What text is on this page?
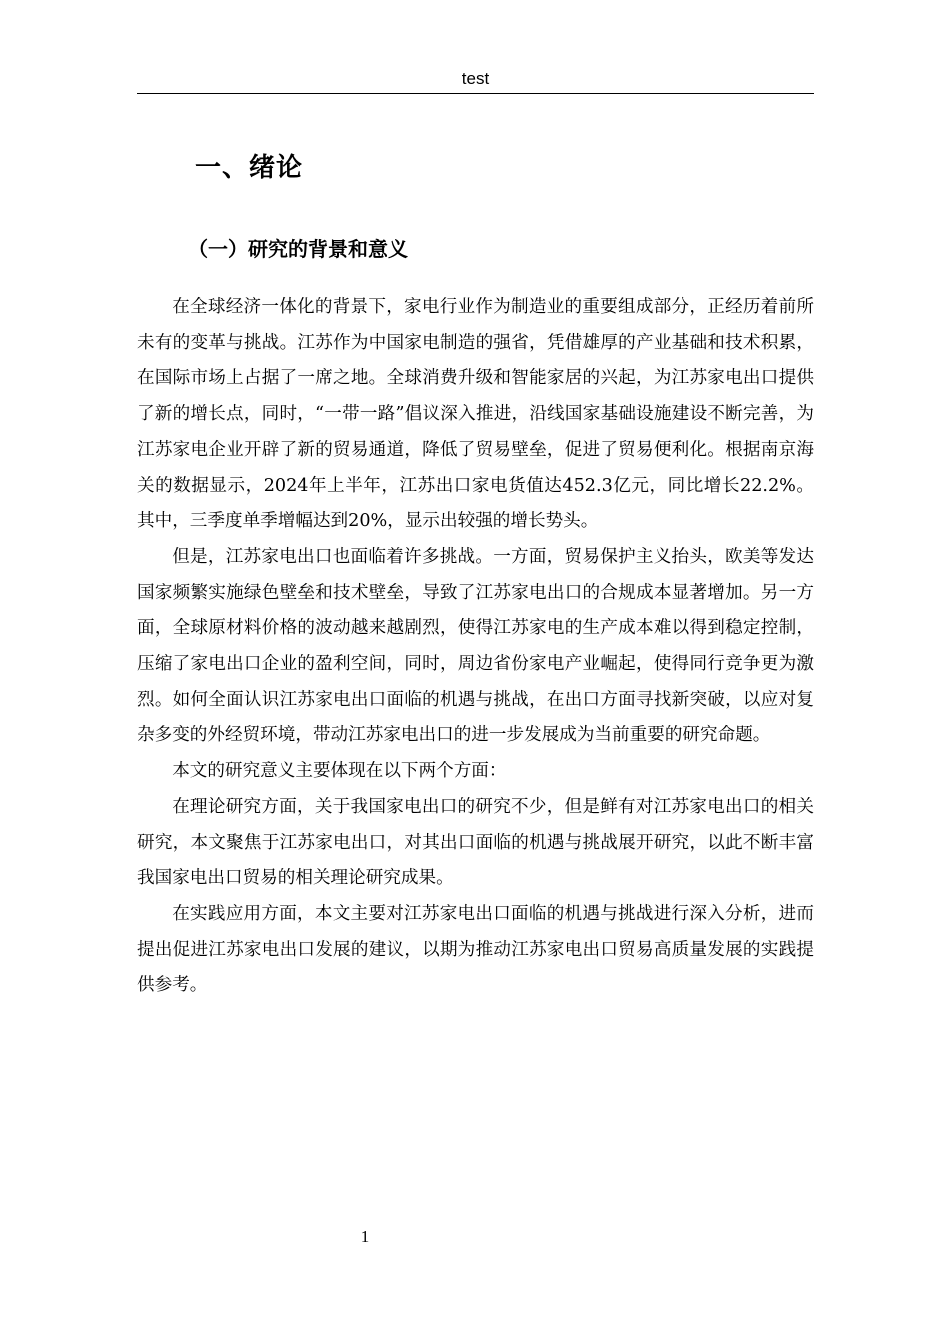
test
一、绪论
（一）研究的背景和意义

在全球经济一体化的背景下，家电行业作为制造业的重要组成部分，正经历着前所未有的变革与挑战。江苏作为中国家电制造的强省，凭借雄厚的产业基础和技术积累，在国际市场上占据了一席之地。全球消费升级和智能家居的兴起，为江苏家电出口提供了新的增长点，同时，“一带一路”倡议深入推进，沿线国家基础设施建设不断完善，为江苏家电企业开辟了新的贸易通道，降低了贸易壁垒，促进了贸易便利化。根据南京海关的数据显示，2024年上半年，江苏出口家电货值达452.3亿元，同比增长22.2%。其中，三季度单季增幅达到20%，显示出较强的增长势头。

但是，江苏家电出口也面临着许多挑战。一方面，贸易保护主义抬头，欧美等发达国家频繁实施绿色壁垒和技术壁垒，导致了江苏家电出口的合规成本显著增加。另一方面，全球原材料价格的波动越来越剧烈，使得江苏家电的生产成本难以得到稳定控制，压缩了家电出口企业的盈利空间，同时，周边省份家电产业崛起，使得同行竞争更为激烈。如何全面认识江苏家电出口面临的机遇与挑战，在出口方面寻找新突破，以应对复杂多变的外经贸环境，带动江苏家电出口的进一步发展成为当前重要的研究命题。

本文的研究意义主要体现在以下两个方面：

在理论研究方面，关于我国家电出口的研究不少，但是鲜有对江苏家电出口的相关研究，本文聚焦于江苏家电出口，对其出口面临的机遇与挑战展开研究，以此不断丰富我国家电出口贸易的相关理论研究成果。

在实践应用方面，本文主要对江苏家电出口面临的机遇与挑战进行深入分析，进而提出促进江苏家电出口发展的建议，以期为推动江苏家电出口贸易高质量发展的实践提供参考。

1
